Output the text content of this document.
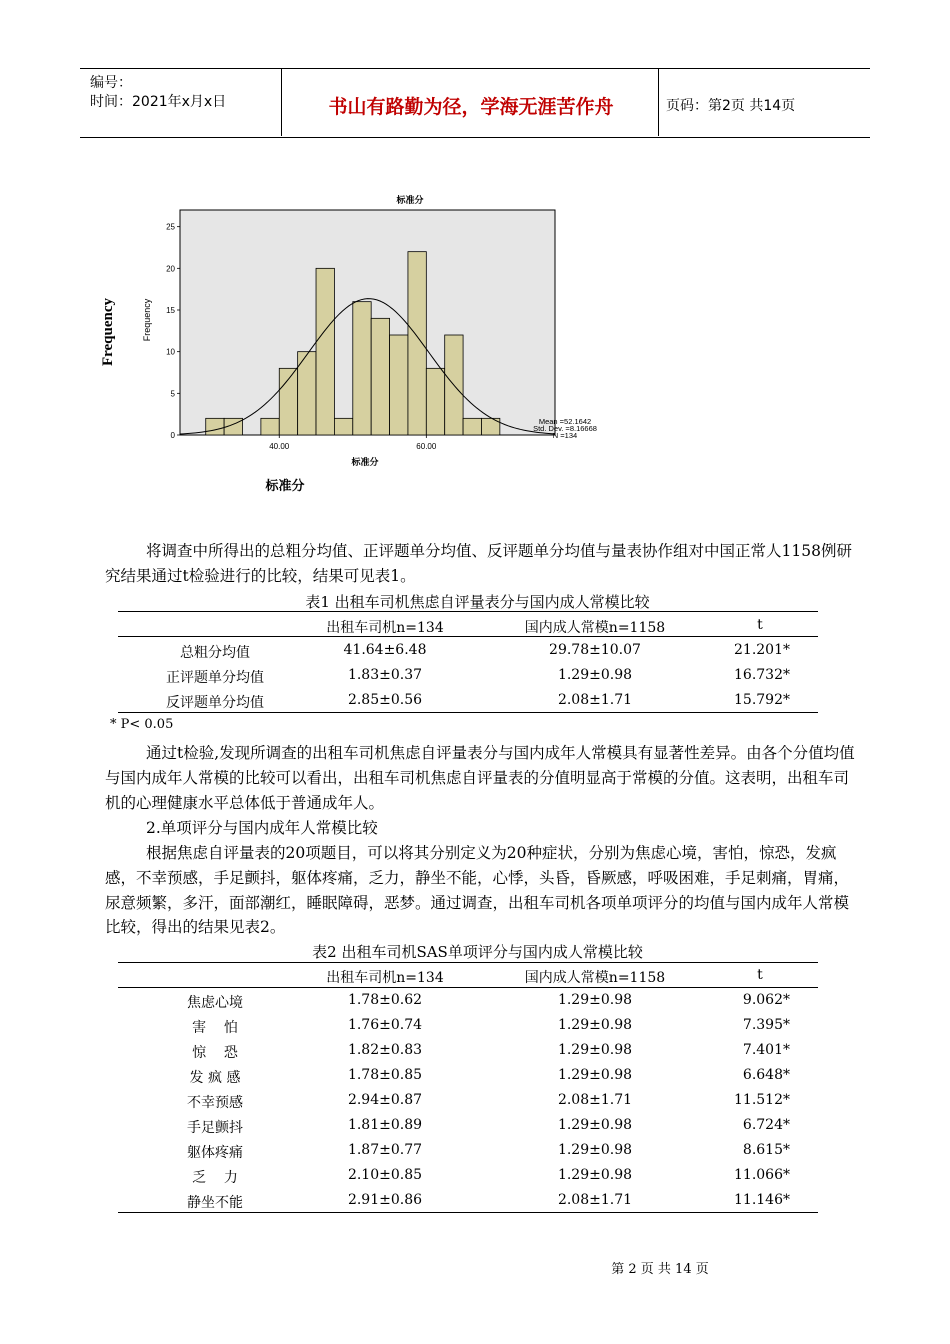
编号：
时间：2021年x月x日	书山有路勤为径，学海无涯苦作舟	页码：第2页 共14页
标准分
0
5
10
15
20
25
40.00	60.00
Frequency
Frequency
标准分
Mean =52.1642
Std. Dev. =8.16668
N =134
标准分
将调查中所得出的总粗分均值、正评题单分均值、反评题单分均值与量表协作组对中国正常人1158例研究结果通过t检验进行的比较，结果可见表1。
表1 出租车司机焦虑自评量表分与国内成人常模比较
出租车司机n=134	国内成人常模n=1158	t
总粗分均值	41.64±6.48	29.78±10.07	21.201*
正评题单分均值	1.83±0.37	1.29±0.98	16.732*
反评题单分均值	2.85±0.56	2.08±1.71	15.792*
* P< 0.05
通过t检验,发现所调查的出租车司机焦虑自评量表分与国内成年人常模具有显著性差异。由各个分值均值与国内成年人常模的比较可以看出，出租车司机焦虑自评量表的分值明显高于常模的分值。这表明，出租车司机的心理健康水平总体低于普通成年人。
2.单项评分与国内成年人常模比较
根据焦虑自评量表的20项题目，可以将其分别定义为20种症状，分别为焦虑心境，害怕，惊恐，发疯感，不幸预感，手足颤抖，躯体疼痛，乏力，静坐不能，心悸，头昏，昏厥感，呼吸困难，手足刺痛，胃痛，尿意频繁，多汗，面部潮红，睡眠障碍，恶梦。通过调查，出租车司机各项单项评分的均值与国内成年人常模比较，得出的结果见表2。
表2 出租车司机SAS单项评分与国内成人常模比较
出租车司机n=134	国内成人常模n=1158	t
焦虑心境	1.78±0.62	1.29±0.98	9.062*
害    怕	1.76±0.74	1.29±0.98	7.395*
惊    恐	1.82±0.83	1.29±0.98	7.401*
发 疯 感	1.78±0.85	1.29±0.98	6.648*
不幸预感	2.94±0.87	2.08±1.71	11.512*
手足颤抖	1.81±0.89	1.29±0.98	6.724*
躯体疼痛	1.87±0.77	1.29±0.98	8.615*
乏    力	2.10±0.85	1.29±0.98	11.066*
静坐不能	2.91±0.86	2.08±1.71	11.146*
第 2 页 共 14 页
